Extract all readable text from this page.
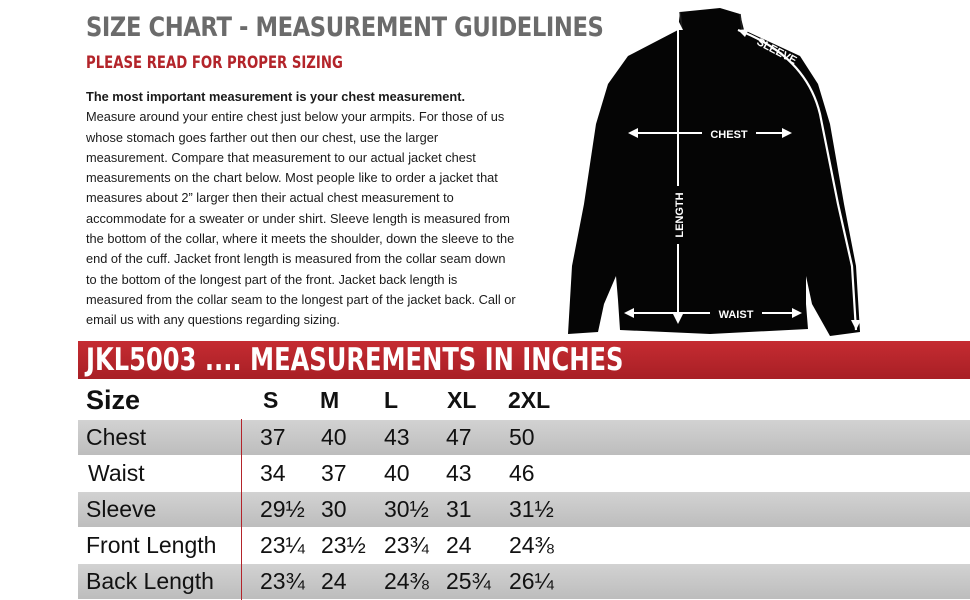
SIZE CHART - MEASUREMENT GUIDELINES
PLEASE READ FOR PROPER SIZING

The most important measurement is your chest measurement.
Measure around your entire chest just below your armpits. For those of us whose stomach goes farther out then our chest, use the larger measurement. Compare that measurement to our actual jacket chest measurements on the chart below. Most people like to order a jacket that measures about 2” larger then their actual chest measurement to accommodate for a sweater or under shirt. Sleeve length is measured from the bottom of the collar, where it meets the shoulder, down the sleeve to the end of the cuff. Jacket front length is measured from the collar seam down to the bottom of the longest part of the front. Jacket back length is measured from the collar seam to the longest part of the jacket back. Call or email us with any questions regarding sizing.

SLEEVE
CHEST
LENGTH
WAIST
JKL5003 .... MEASUREMENTS IN INCHES
Size	S M L XL 2XL
Chest	37 40 43 47 50
Waist	34 37 40 43 46
Sleeve	29½ 30 30½ 31 31½
Front Length 23¼ 23½ 23¾ 24 24⅜
Back Length 23¾ 24 24⅜ 25¾ 26¼
